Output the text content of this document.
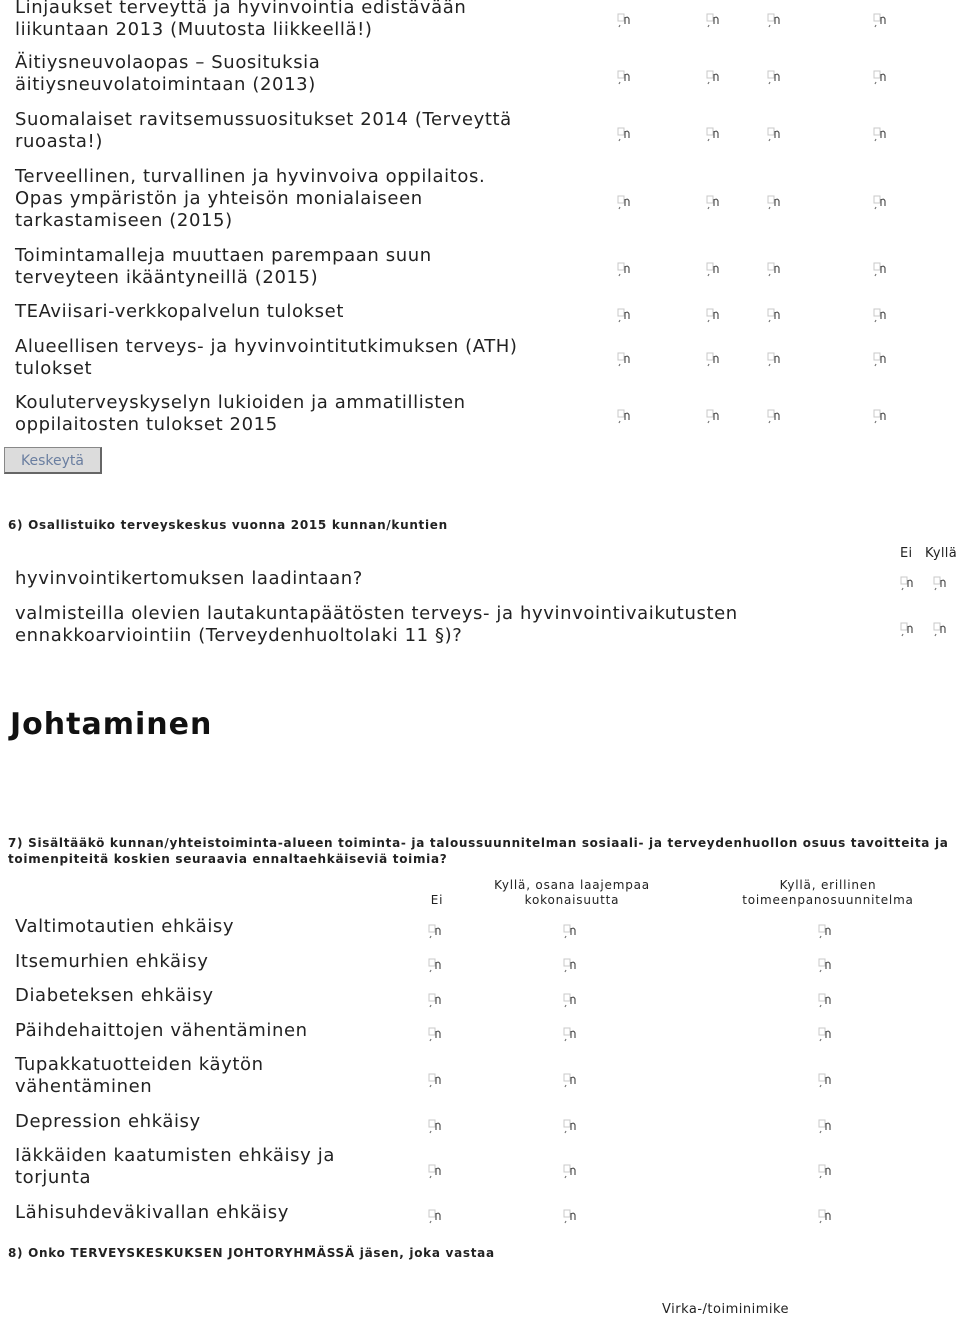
Linjaukset terveyttä ja hyvinvointia edistävään
liikuntaan 2013 (Muutosta liikkeellä!)
Äitiysneuvolaopas – Suosituksia
äitiysneuvolatoimintaan (2013)
Suomalaiset ravitsemussuositukset 2014 (Terveyttä
ruoasta!)
Terveellinen, turvallinen ja hyvinvoiva oppilaitos.
Opas ympäristön ja yhteisön monialaiseen
tarkastamiseen (2015)
Toimintamalleja muuttaen parempaan suun
terveyteen ikääntyneillä (2015)
TEAviisari-verkkopalvelun tulokset
Alueellisen terveys- ja hyvinvointitutkimuksen (ATH)
tulokset
Kouluterveyskyselyn lukioiden ja ammatillisten
oppilaitosten tulokset 2015
Keskeytä
6) Osallistuiko terveyskeskus vuonna 2015 kunnan/kuntien
Ei Kyllä
hyvinvointikertomuksen laadintaan?
valmisteilla olevien lautakuntapäätösten terveys- ja hyvinvointivaikutusten
ennakkoarviointiin (Terveydenhuoltolaki 11 §)?
Johtaminen
7) Sisältääkö kunnan/yhteistoiminta-alueen toiminta- ja taloussuunnitelman sosiaali- ja terveydenhuollon osuus tavoitteita ja
toimenpiteitä koskien seuraavia ennaltaehkäiseviä toimia?
Ei
Kyllä, osana laajempaa
kokonaisuutta
Kyllä, erillinen
toimeenpanosuunnitelma
Valtimotautien ehkäisy
Itsemurhien ehkäisy
Diabeteksen ehkäisy
Päihdehaittojen vähentäminen
Tupakkatuotteiden käytön
vähentäminen
Depression ehkäisy
Iäkkäiden kaatumisten ehkäisy ja
torjunta
Lähisuhdeväkivallan ehkäisy
8) Onko TERVEYSKESKUKSEN JOHTORYHMÄSSÄ jäsen, joka vastaa
Virka-/toiminimike
